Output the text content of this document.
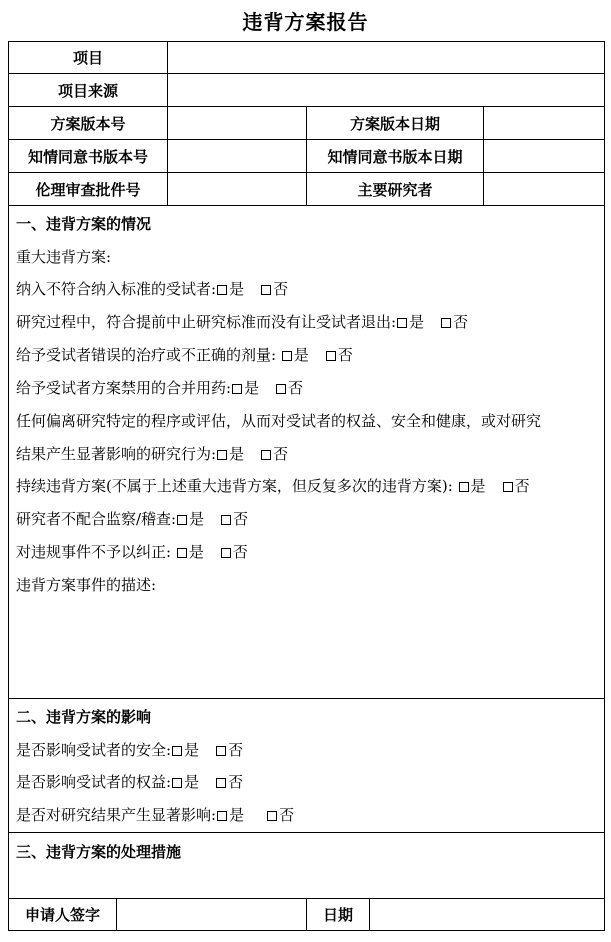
违背方案报告
项目
项目来源
方案版本号	方案版本日期
知情同意书版本号	知情同意书版本日期
伦理审查批件号	主要研究者
一、违背方案的情况
重大违背方案:
纳入不符合纳入标准的受试者: 是 否
研究过程中，符合提前中止研究标准而没有让受试者退出: 是 否
给予受试者错误的治疗或不正确的剂量: 是 否
给予受试者方案禁用的合并用药: 是 否
任何偏离研究特定的程序或评估，从而对受试者的权益、安全和健康，或对研究
结果产生显著影响的研究行为: 是 否
持续违背方案(不属于上述重大违背方案，但反复多次的违背方案): 是 否
研究者不配合监察/稽查: 是 否
对违规事件不予以纠正: 是 否
违背方案事件的描述:
二、违背方案的影响
是否影响受试者的安全: 是 否
是否影响受试者的权益: 是 否
是否对研究结果产生显著影响: 是 否
三、违背方案的处理措施
申请人签字	日期
